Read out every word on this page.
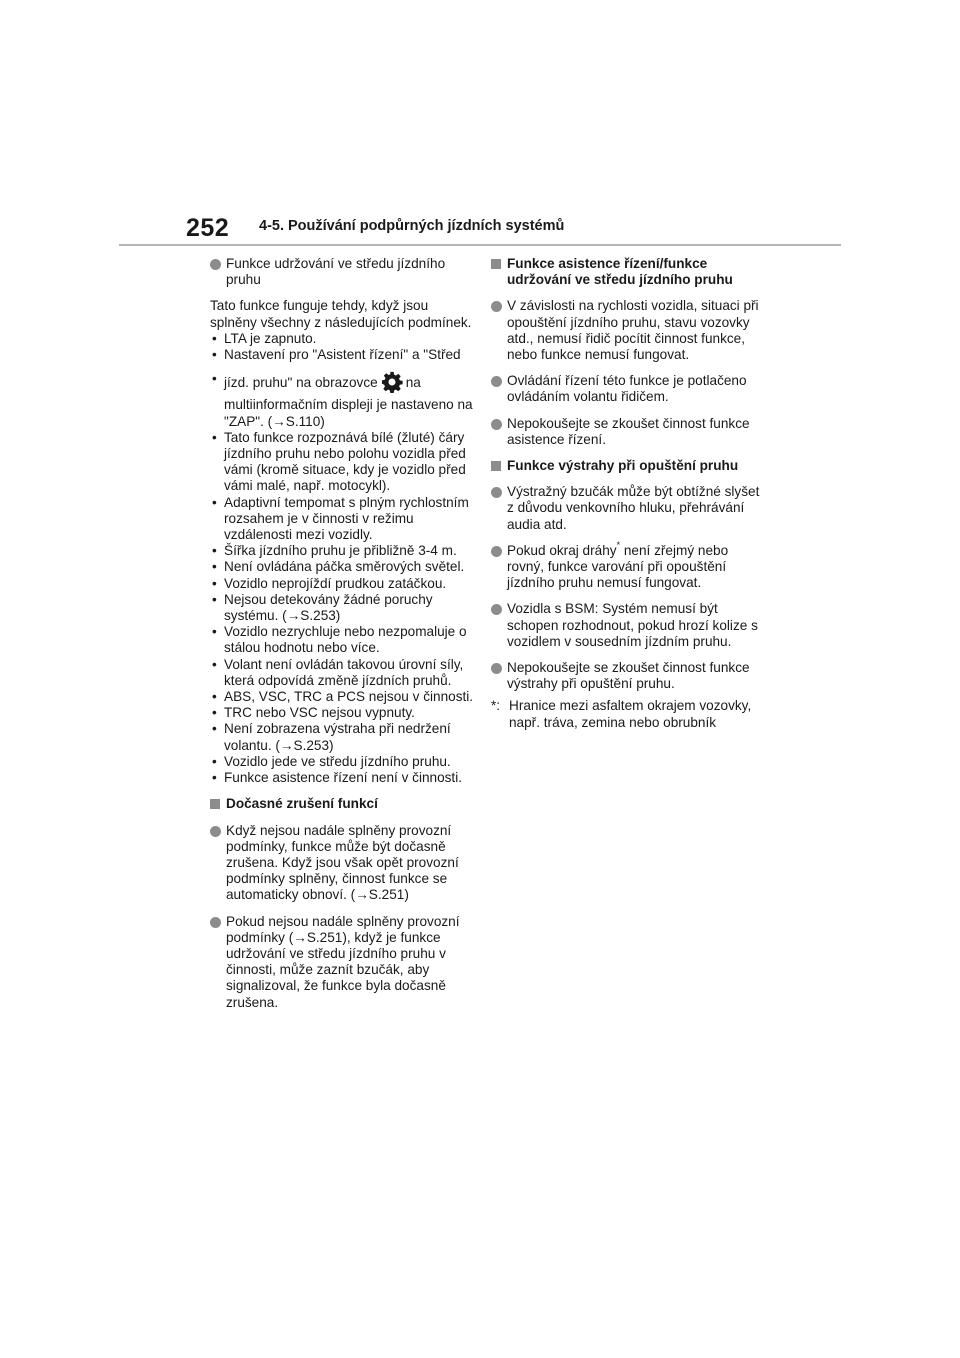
252 4-5. Používání podpůrných jízdních systémů
Funkce udržování ve středu jízdního pruhu
Tato funkce funguje tehdy, když jsou splněny všechny z následujících podmínek.
• LTA je zapnuto.
• Nastavení pro "Asistent řízení" a "Střed
• jízd. pruhu" na obrazovce na multiinformačním displeji je nastaveno na "ZAP". (→S.110)
• Tato funkce rozpoznává bílé (žluté) čáry jízdního pruhu nebo polohu vozidla před vámi (kromě situace, kdy je vozidlo před vámi malé, např. motocykl).
• Adaptivní tempomat s plným rychlostním rozsahem je v činnosti v režimu vzdálenosti mezi vozidly.
• Šířka jízdního pruhu je přibližně 3-4 m.
• Není ovládána páčka směrových světel.
• Vozidlo neprojíždí prudkou zatáčkou.
• Nejsou detekovány žádné poruchy systému. (→S.253)
• Vozidlo nezrychluje nebo nezpomaluje o stálou hodnotu nebo více.
• Volant není ovládán takovou úrovní síly, která odpovídá změně jízdních pruhů.
• ABS, VSC, TRC a PCS nejsou v činnosti.
• TRC nebo VSC nejsou vypnuty.
• Není zobrazena výstraha při nedržení volantu. (→S.253)
• Vozidlo jede ve středu jízdního pruhu.
• Funkce asistence řízení není v činnosti.
Dočasné zrušení funkcí
Když nejsou nadále splněny provozní podmínky, funkce může být dočasně zrušena. Když jsou však opět provozní podmínky splněny, činnost funkce se automaticky obnoví. (→S.251)
Pokud nejsou nadále splněny provozní podmínky (→S.251), když je funkce udržování ve středu jízdního pruhu v činnosti, může zaznít bzučák, aby signalizoval, že funkce byla dočasně zrušena.
Funkce asistence řízení/funkce udržování ve středu jízdního pruhu
V závislosti na rychlosti vozidla, situaci při opouštění jízdního pruhu, stavu vozovky atd., nemusí řidič pocítit činnost funkce, nebo funkce nemusí fungovat.
Ovládání řízení této funkce je potlačeno ovládáním volantu řidičem.
Nepokoušejte se zkoušet činnost funkce asistence řízení.
Funkce výstrahy při opuštění pruhu
Výstražný bzučák může být obtížné slyšet z důvodu venkovního hluku, přehrávání audia atd.
Pokud okraj dráhy* není zřejmý nebo rovný, funkce varování při opouštění jízdního pruhu nemusí fungovat.
Vozidla s BSM: Systém nemusí být schopen rozhodnout, pokud hrozí kolize s vozidlem v sousedním jízdním pruhu.
Nepokoušejte se zkoušet činnost funkce výstrahy při opuštění pruhu.
*: Hranice mezi asfaltem okrajem vozovky, např. tráva, zemina nebo obrubník
